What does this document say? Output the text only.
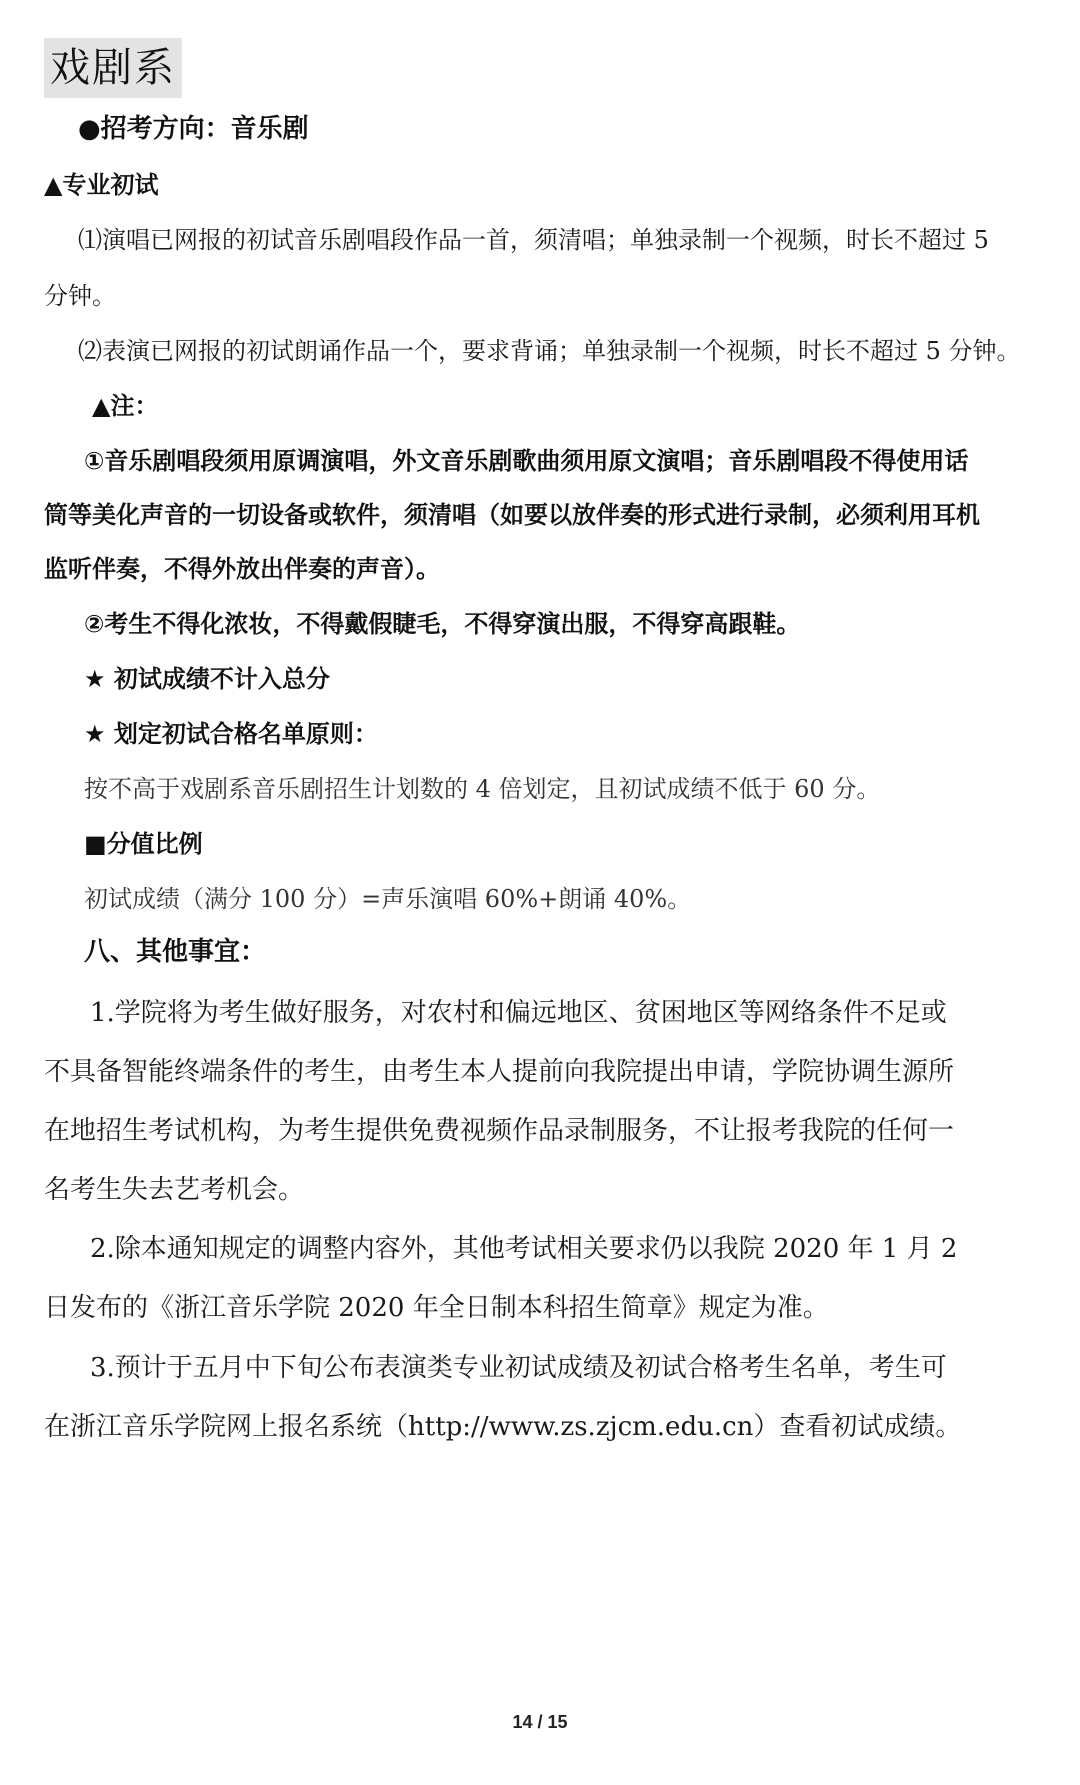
戏剧系
●招考方向：音乐剧
▲专业初试
⑴演唱已网报的初试音乐剧唱段作品一首，须清唱；单独录制一个视频，时长不超过 5
分钟。
⑵表演已网报的初试朗诵作品一个，要求背诵；单独录制一个视频，时长不超过 5 分钟。
▲注：
①音乐剧唱段须用原调演唱，外文音乐剧歌曲须用原文演唱；音乐剧唱段不得使用话
筒等美化声音的一切设备或软件，须清唱（如要以放伴奏的形式进行录制，必须利用耳机
监听伴奏，不得外放出伴奏的声音）。
②考生不得化浓妆，不得戴假睫毛，不得穿演出服，不得穿高跟鞋。
★ 初试成绩不计入总分
★ 划定初试合格名单原则：
按不高于戏剧系音乐剧招生计划数的 4 倍划定，且初试成绩不低于 60 分。
■分值比例
初试成绩（满分 100 分）=声乐演唱 60%+朗诵 40%。
八、其他事宜：
1.学院将为考生做好服务，对农村和偏远地区、贫困地区等网络条件不足或
不具备智能终端条件的考生，由考生本人提前向我院提出申请，学院协调生源所
在地招生考试机构，为考生提供免费视频作品录制服务，不让报考我院的任何一
名考生失去艺考机会。
2.除本通知规定的调整内容外，其他考试相关要求仍以我院 2020 年 1 月 2
日发布的《浙江音乐学院 2020 年全日制本科招生简章》规定为准。
3.预计于五月中下旬公布表演类专业初试成绩及初试合格考生名单，考生可
在浙江音乐学院网上报名系统（http://www.zs.zjcm.edu.cn）查看初试成绩。
14 / 15
